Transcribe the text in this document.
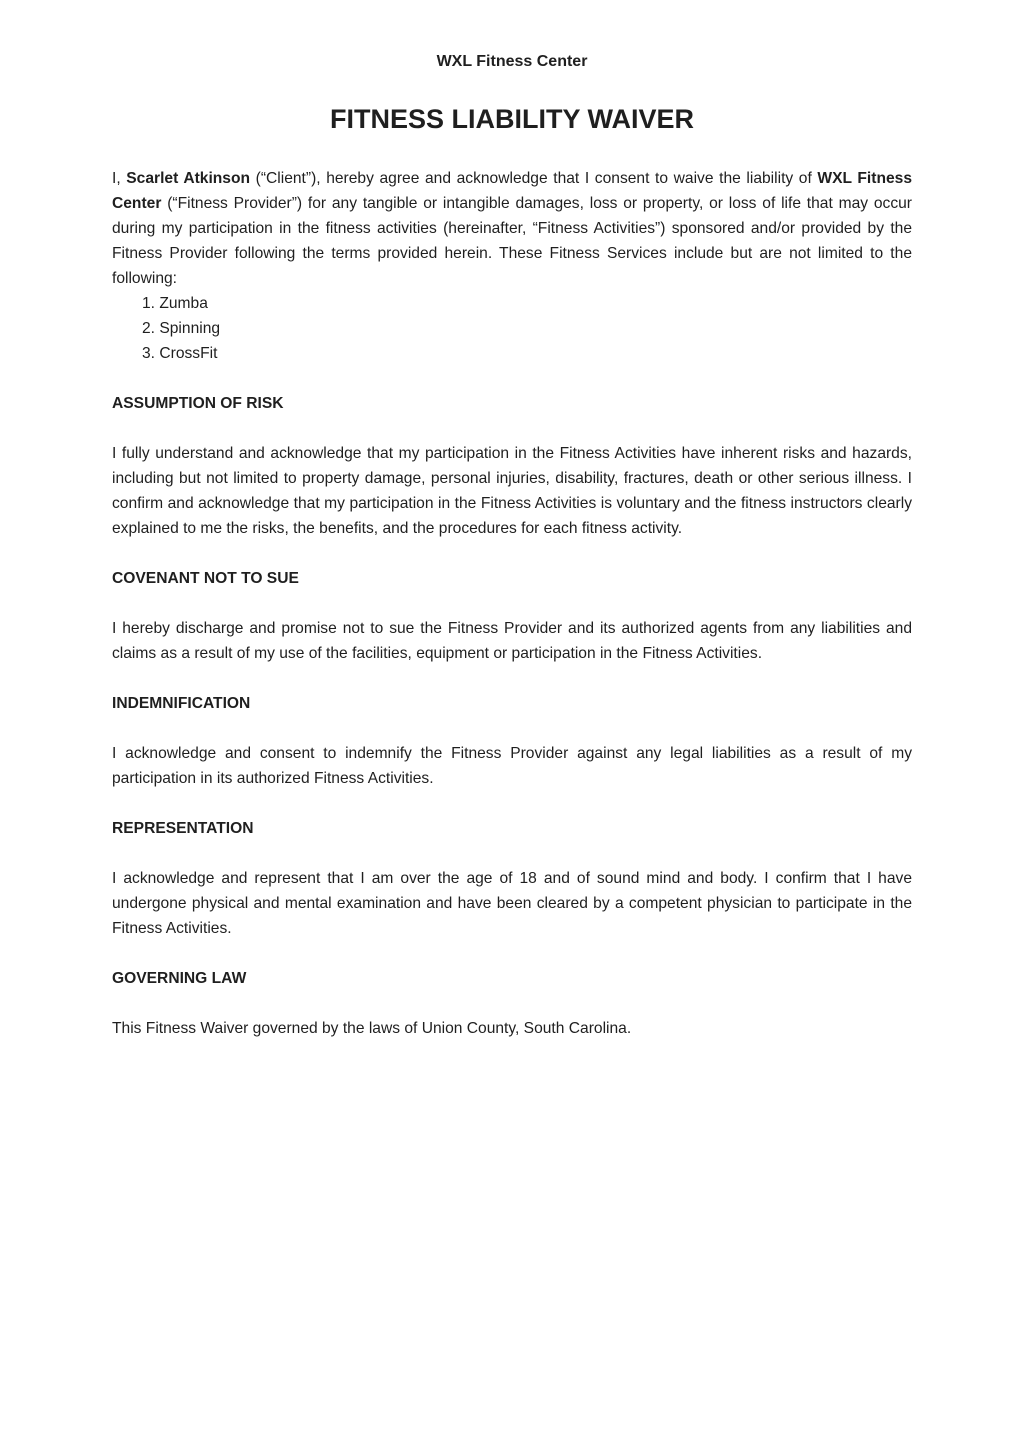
WXL Fitness Center
FITNESS LIABILITY WAIVER

I, Scarlet Atkinson (“Client”), hereby agree and acknowledge that I consent to waive the liability of WXL Fitness Center (“Fitness Provider”) for any tangible or intangible damages, loss or property, or loss of life that may occur during my participation in the fitness activities (hereinafter, “Fitness Activities”) sponsored and/or provided by the Fitness Provider following the terms provided herein. These Fitness Services include but are not limited to the following:

1. Zumba
2. Spinning
3. CrossFit
ASSUMPTION OF RISK

I fully understand and acknowledge that my participation in the Fitness Activities have inherent risks and hazards, including but not limited to property damage, personal injuries, disability, fractures, death or other serious illness. I confirm and acknowledge that my participation in the Fitness Activities is voluntary and the fitness instructors clearly explained to me the risks, the benefits, and the procedures for each fitness activity.

COVENANT NOT TO SUE

I hereby discharge and promise not to sue the Fitness Provider and its authorized agents from any liabilities and claims as a result of my use of the facilities, equipment or participation in the Fitness Activities.

INDEMNIFICATION

I acknowledge and consent to indemnify the Fitness Provider against any legal liabilities as a result of my participation in its authorized Fitness Activities.

REPRESENTATION

I acknowledge and represent that I am over the age of 18 and of sound mind and body. I confirm that I have undergone physical and mental examination and have been cleared by a competent physician to participate in the Fitness Activities.

GOVERNING LAW

This Fitness Waiver governed by the laws of Union County, South Carolina.
